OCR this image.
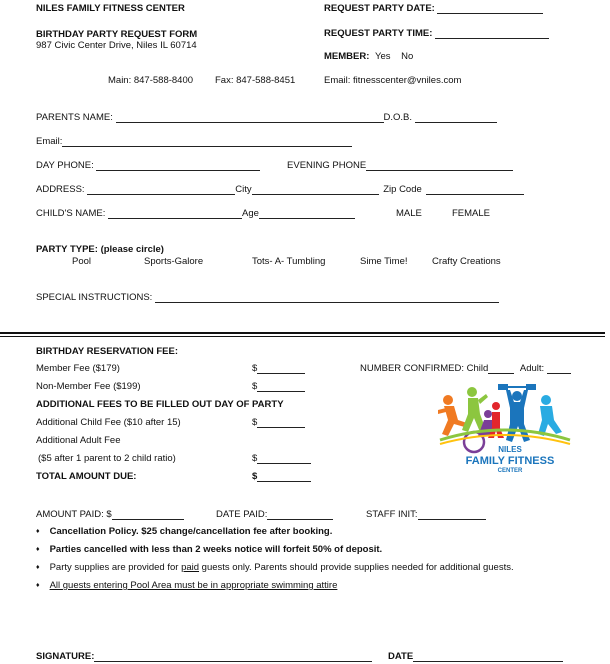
NILES FAMILY FITNESS CENTER
BIRTHDAY PARTY REQUEST FORM
987 Civic Center Drive, Niles IL 60714
REQUEST PARTY DATE:
REQUEST PARTY TIME:
MEMBER: Yes No
Main: 847-588-8400 Fax: 847-588-8451	Email: fitnesscenter@vniles.com
PARENTS NAME:	D.O.B.
Email:
DAY PHONE:	EVENING PHONE
ADDRESS:	City	Zip Code
CHILD'S NAME:	Age	MALE	FEMALE
PARTY TYPE: (please circle)
Pool	Sports-Galore	Tots- A- Tumbling	Sime Time!	Crafty Creations
SPECIAL INSTRUCTIONS:
BIRTHDAY RESERVATION FEE:
Member Fee ($179)	$
Non-Member Fee ($199)	$
NUMBER CONFIRMED: Child	Adult:
ADDITIONAL FEES TO BE FILLED OUT DAY OF PARTY
Additional Child Fee ($10 after 15)	$
Additional Adult Fee
($5 after 1 parent to 2 child ratio)	$
TOTAL AMOUNT DUE:	$
NILES
FAMILY FITNESS
CENTER
AMOUNT PAID: $	DATE PAID:	STAFF INIT:
♦ Cancellation Policy. $25 change/cancellation fee after booking.
♦ Parties cancelled with less than 2 weeks notice will forfeit 50% of deposit.
♦ Party supplies are provided for paid guests only. Parents should provide supplies needed for additional guests.
♦ All guests entering Pool Area must be in appropriate swimming attire
SIGNATURE:	DATE
